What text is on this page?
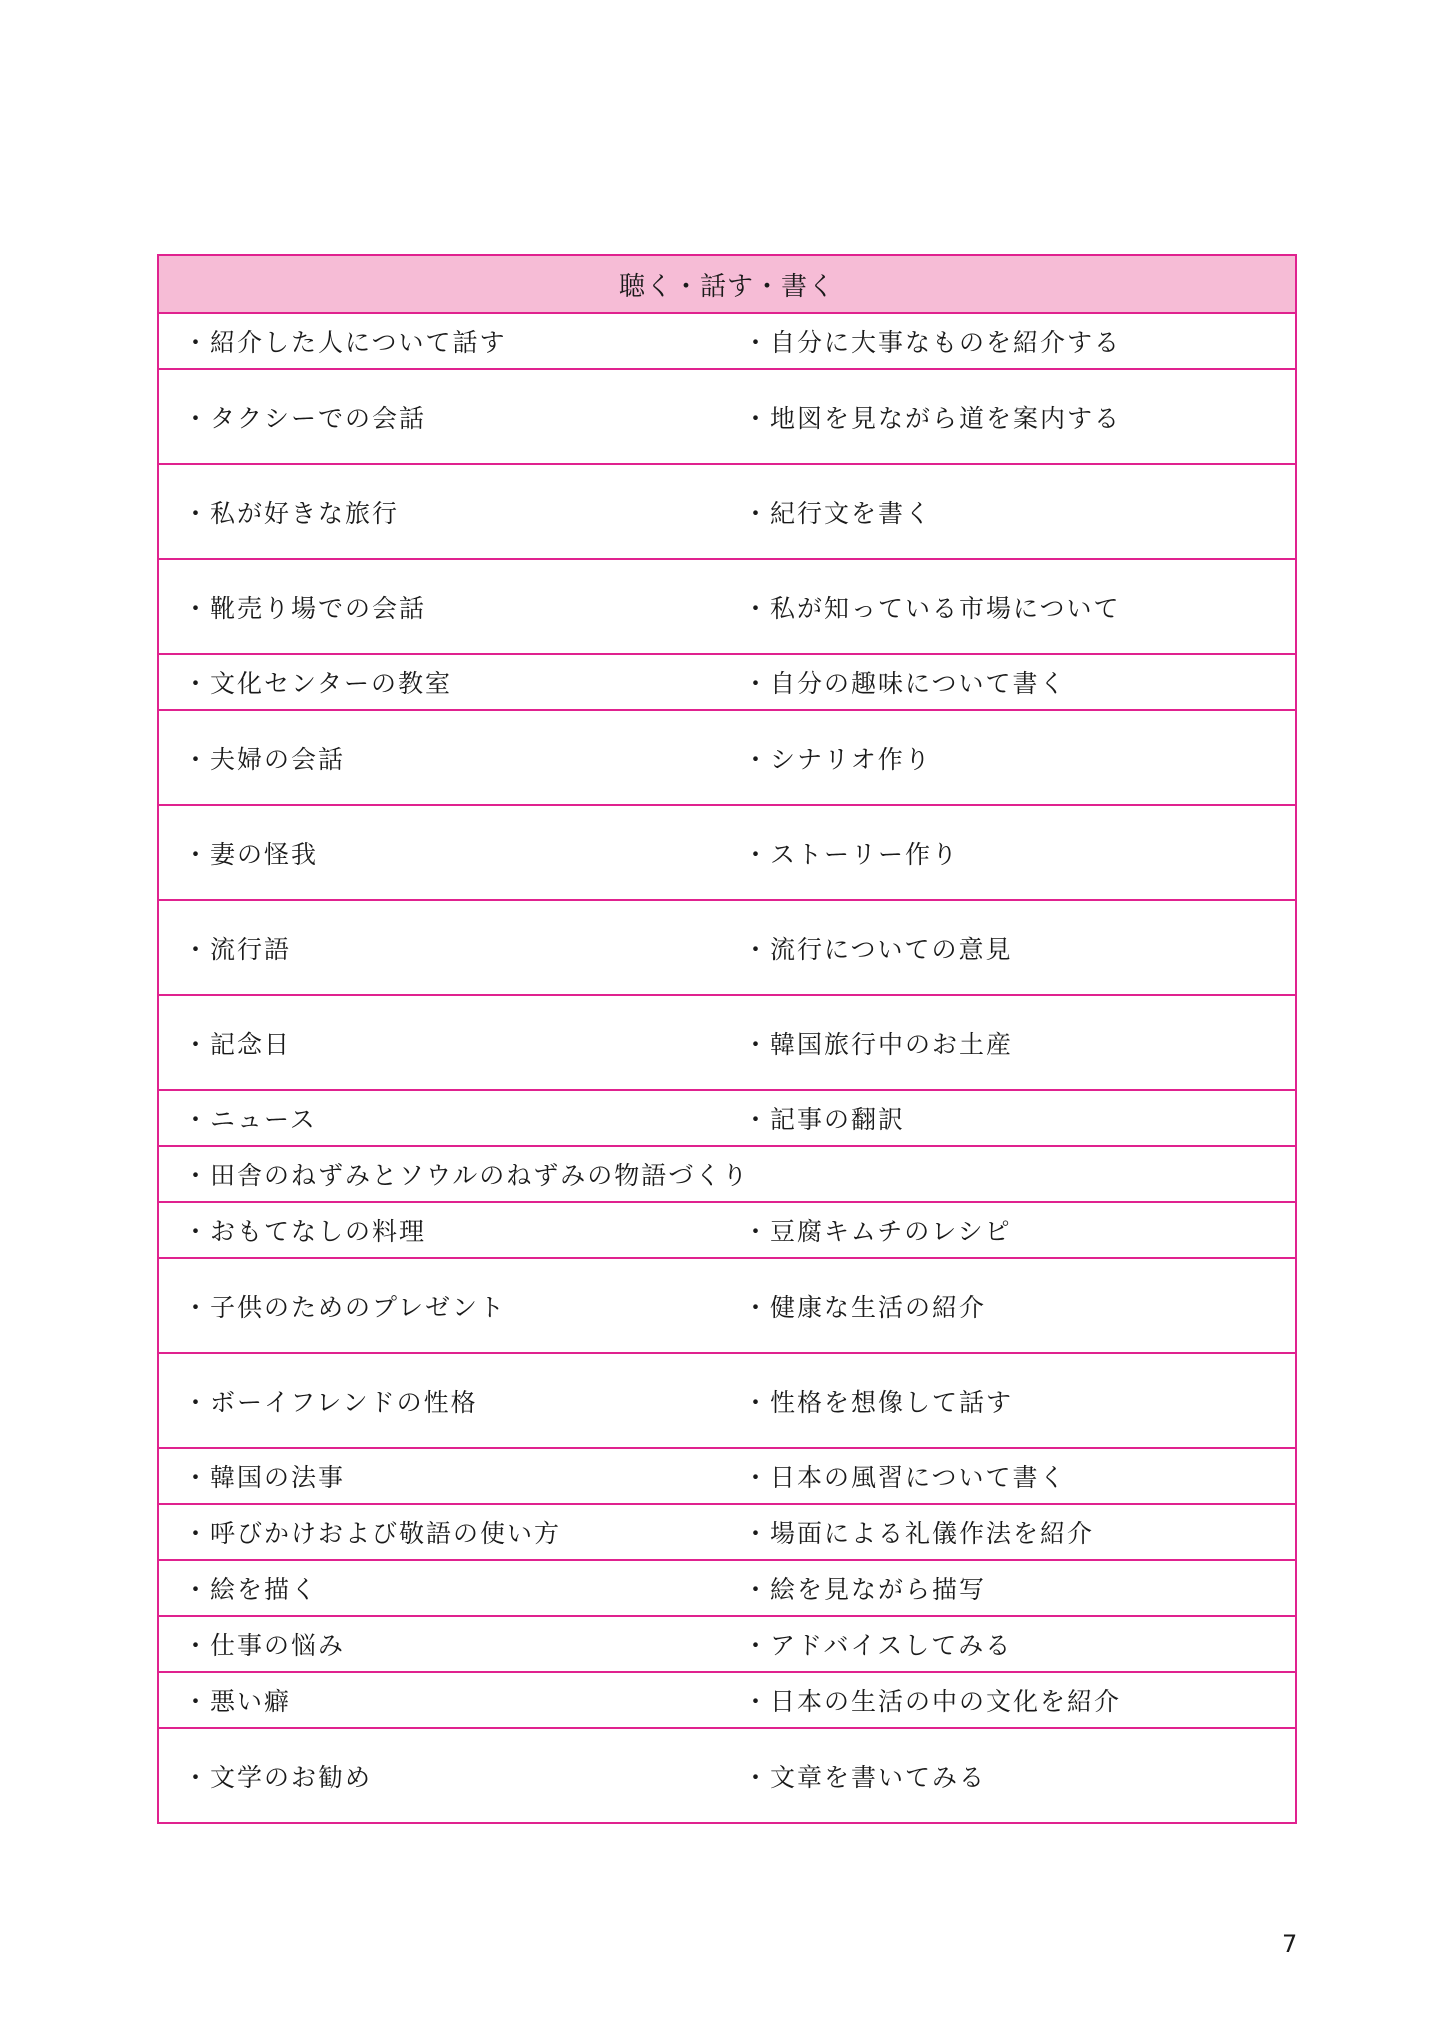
聴く・話す・書く

・紹介した人について話す	・自分に大事なものを紹介する

・タクシーでの会話	・地図を見ながら道を案内する

・私が好きな旅行	・紀行文を書く

・靴売り場での会話	・私が知っている市場について

・文化センターの教室	・自分の趣味について書く

・夫婦の会話	・シナリオ作り

・妻の怪我	・ストーリー作り

・流行語	・流行についての意見

・記念日	・韓国旅行中のお土産

・ニュース	・記事の翻訳

・田舎のねずみとソウルのねずみの物語づくり

・おもてなしの料理	・豆腐キムチのレシピ

・子供のためのプレゼント	・健康な生活の紹介

・ボーイフレンドの性格	・性格を想像して話す

・韓国の法事	・日本の風習について書く

・呼びかけおよび敬語の使い方	・場面による礼儀作法を紹介

・絵を描く	・絵を見ながら描写

・仕事の悩み	・アドバイスしてみる

・悪い癖	・日本の生活の中の文化を紹介

・文学のお勧め	・文章を書いてみる
7
